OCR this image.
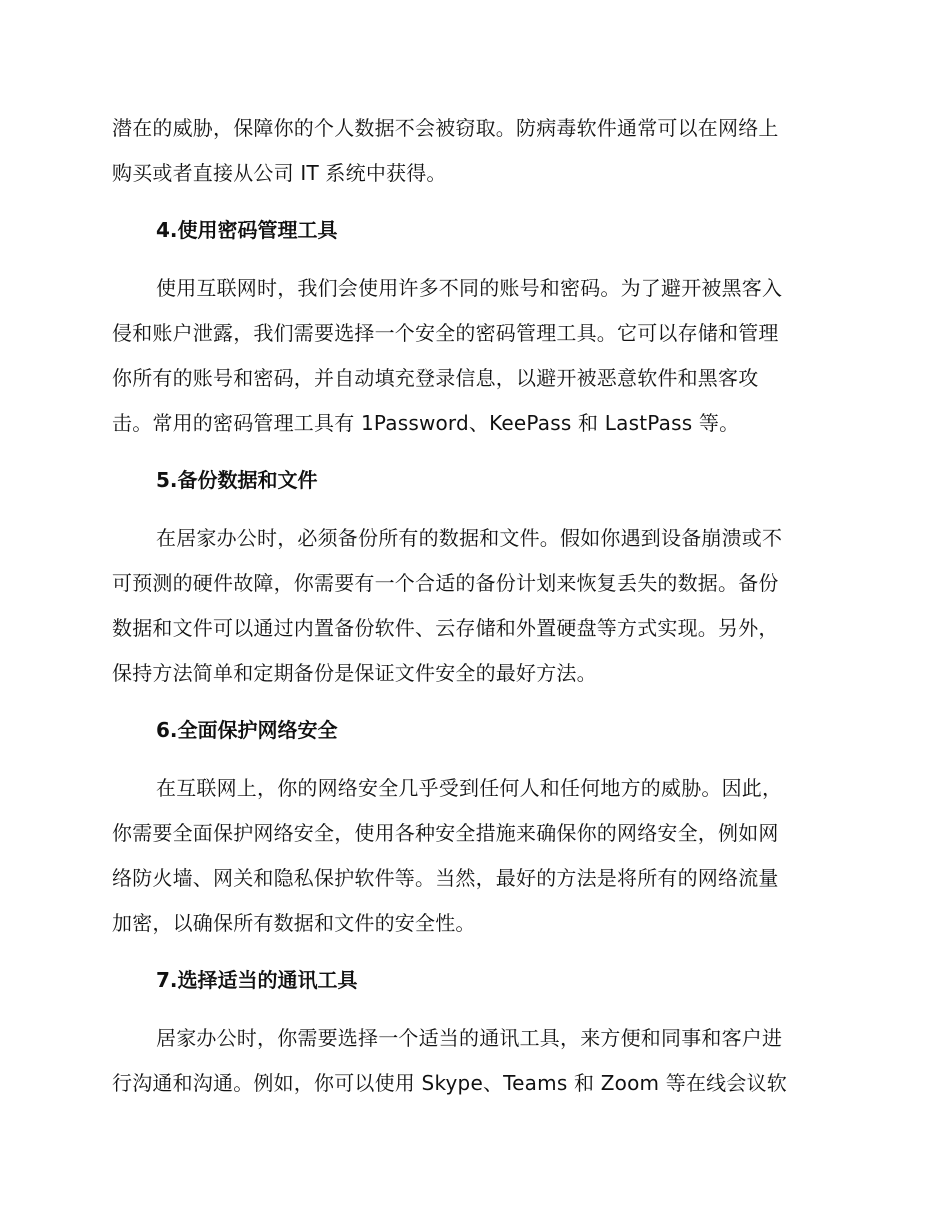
潜在的威胁，保障你的个人数据不会被窃取。防病毒软件通常可以在网络上
购买或者直接从公司 IT 系统中获得。
4.使用密码管理工具
使用互联网时，我们会使用许多不同的账号和密码。为了避开被黑客入
侵和账户泄露，我们需要选择一个安全的密码管理工具。它可以存储和管理
你所有的账号和密码，并自动填充登录信息，以避开被恶意软件和黑客攻
击。常用的密码管理工具有 1Password、KeePass 和 LastPass 等。
5.备份数据和文件
在居家办公时，必须备份所有的数据和文件。假如你遇到设备崩溃或不
可预测的硬件故障，你需要有一个合适的备份计划来恢复丢失的数据。备份
数据和文件可以通过内置备份软件、云存储和外置硬盘等方式实现。另外，
保持方法简单和定期备份是保证文件安全的最好方法。
6.全面保护网络安全
在互联网上，你的网络安全几乎受到任何人和任何地方的威胁。因此，
你需要全面保护网络安全，使用各种安全措施来确保你的网络安全，例如网
络防火墙、网关和隐私保护软件等。当然，最好的方法是将所有的网络流量
加密，以确保所有数据和文件的安全性。
7.选择适当的通讯工具
居家办公时，你需要选择一个适当的通讯工具，来方便和同事和客户进
行沟通和沟通。例如，你可以使用 Skype、Teams 和 Zoom 等在线会议软
